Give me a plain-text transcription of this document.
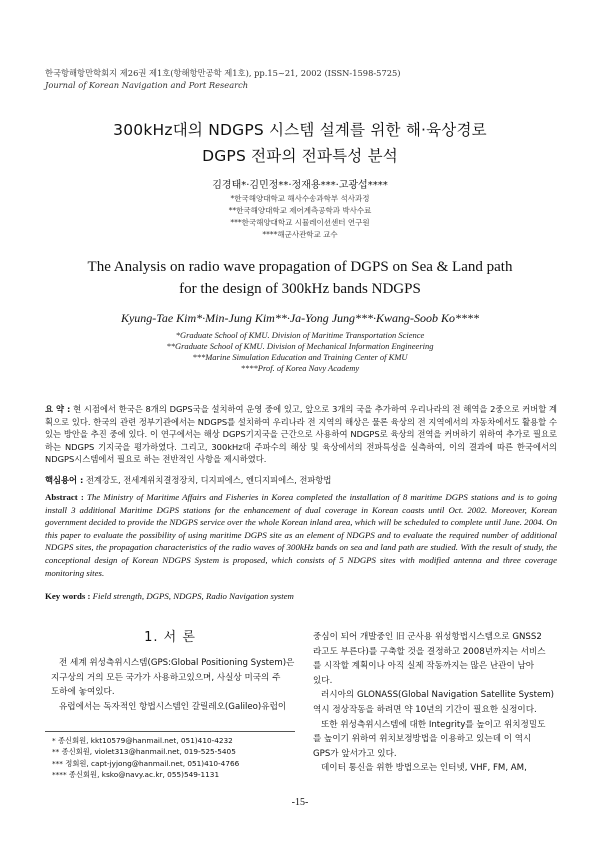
한국항해항만학회지 제26권 제1호(항해항만공학 제1호), pp.15~21, 2002 (ISSN-1598-5725)
Journal of Korean Navigation and Port Research
300kHz대의 NDGPS 시스템 설계를 위한 해·육상경로
DGPS 전파의 전파특성 분석
김경태*·김민정**·정재용***·고광섭****
*한국해양대학교 해사수송과학부 석사과정
**한국해양대학교 제어계측공학과 박사수료
***한국해양대학교 시뮬레이션센터 연구원
****해군사관학교 교수
The Analysis on radio wave propagation of DGPS on Sea & Land path
for the design of 300kHz bands NDGPS
Kyung-Tae Kim*·Min-Jung Kim**·Ja-Yong Jung***·Kwang-Soob Ko****
*Graduate School of KMU. Division of Maritime Transportation Science
**Graduate School of KMU. Division of Mechanical Information Engineering
***Marine Simulation Education and Training Center of KMU
****Prof. of Korea Navy Academy
요 약 : 현 시점에서 한국은 8개의 DGPS국을 설치하여 운영 중에 있고, 앞으로 3개의 국을 추가하여 우리나라의 전 해역을 2중으로 커버할 계획으로 있다. 한국의 관련 정부기관에서는 NDGPS를 설치하여 우리나라 전 지역의 해상은 물론 육상의 전 지역에서의 자동차에서도 활용할 수 있는 방안을 추진 중에 있다. 이 연구에서는 해상 DGPS기지국을 근간으로 사용하여 NDGPS로 육상의 전역을 커버하기 위하여 추가로 필요로 하는 NDGPS 기지국을 평가하였다. 그리고, 300kHz대 주파수의 해상 및 육상에서의 전파특성을 실측하여, 이의 결과에 따른 한국에서의 NDGPS시스템에서 필요로 하는 전반적인 사항을 제시하였다.
핵심용어 : 전계강도, 전세계위치결정장치, 디지피에스, 엔디지피에스, 전파항법
Abstract : The Ministry of Maritime Affairs and Fisheries in Korea completed the installation of 8 maritime DGPS stations and is to going install 3 additional Maritime DGPS stations for the enhancement of dual coverage in Korean coasts until Oct. 2002. Moreover, Korean government decided to provide the NDGPS service over the whole Korean inland area, which will be scheduled to complete until June. 2004. On this paper to evaluate the possibility of using maritime DGPS site as an element of NDGPS and to evaluate the required number of additional NDGPS sites, the propagation characteristics of the radio waves of 300kHz bands on sea and land path are studied. With the result of study, the conceptional design of Korean NDGPS System is proposed, which consists of 5 NDGPS sites with modified antenna and three coverage monitoring sites.
Key words : Field strength, DGPS, NDGPS, Radio Navigation system
1. 서 론
전 세계 위성측위시스템(GPS:Global Positioning System)은
지구상의 거의 모든 국가가 사용하고있으며, 사실상 미국의 주
도하에 놓여있다.
유럽에서는 독자적인 항법시스템인 갈릴레오(Galileo)유럽이
* 종신회원, kkt10579@hanmail.net, 051)410-4232
** 종신회원, violet313@hanmail.net, 019-525-5405
*** 정회원, capt-jyjong@hanmail.net, 051)410-4766
**** 종신회원, ksko@navy.ac.kr, 055)549-1131
중심이 되어 개발중인 旧 군사용 위성항법시스템으로 GNSS2
라고도 부른다)를 구축할 것을 결정하고 2008년까지는 서비스
를 시작할 계획이나 아직 실제 작동까지는 많은 난관이 남아
있다.
러시아의 GLONASS(Global Navigation Satellite System)
역시 정상작동을 하려면 약 10년의 기간이 필요한 실정이다.
또한 위성측위시스템에 대한 Integrity를 높이고 위치정밀도
를 높이기 위하여 위치보정방법을 이용하고 있는데 이 역시
GPS가 앞서가고 있다.
데이터 통신을 위한 방법으로는 인터넷, VHF, FM, AM,
-15-
